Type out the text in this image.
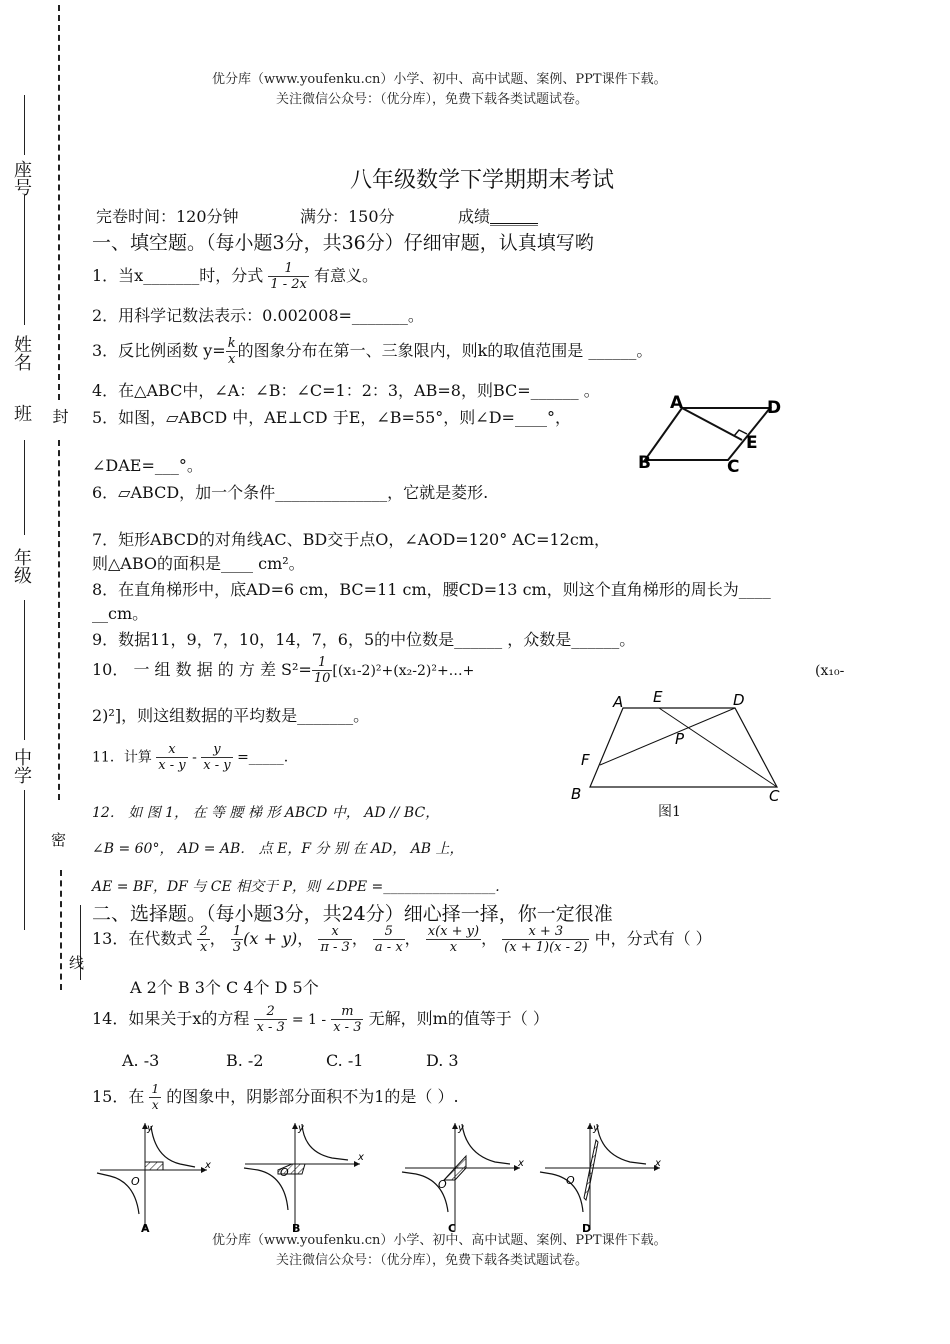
座号
姓名
班 封
年级
中学
密
线
优分库（www.youfenku.cn）小学、初中、高中试题、案例、PPT课件下载。
关注微信公众号：（优分库），免费下载各类试题试卷。
八年级数学下学期期末考试
完卷时间：120分钟	满分：150分	成绩______
一、填空题。（每小题3分，共36分）仔细审题，认真填写哟
1．当x_______时，分式 $\frac{1}{1 - 2x}$ 有意义。
2．用科学记数法表示：0.002008=_______。
3．反比例函数 $y= \frac{k}{x}$ 的图象分布在第一、三象限内，则k的取值范围是 ______。
4．在△ABC中，∠A：∠B：∠C=1：2：3，AB=8，则BC=______ 。
5．如图，▱ABCD 中，AE⊥CD 于E，∠B=55°，则∠D=____°，
∠DAE=___°。
6．▱ABCD，加一个条件______________，它就是菱形.
A	D
E
B	C
7．矩形ABCD的对角线AC、BD交于点O，∠AOD=120° AC=12cm，
则△ABO的面积是____ cm²。
8．在直角梯形中，底AD=6 cm，BC=11 cm，腰CD=13 cm，则这个直角梯形的周长为____
__cm。
9．数据11，9，7，10，14，7，6，5的中位数是______ ，众数是______。
10． 一 组 数 据 的 方 差 $S^2= \frac{1}{10}$ [(x₁-2)²+(x₂-2)²+…+	(x₁₀-
2)²]，则这组数据的平均数是_______。
11．计算 $\frac{x}{x - y} - \frac{y}{x - y}$ =_____.
A E	D
P
F
B	C
图1
12． 如 图 1， 在 等 腰 梯 形 ABCD 中， AD // BC，
∠B = 60°， AD = AB． 点 E，F 分 别 在 AD， AB 上，
AE = BF，DF 与 CE 相交于 P，则 ∠DPE =________________.
二、选择题。（每小题3分，共24分）细心择一择，你一定很准
13．在代数式 $\frac{2}{x}$ ， $\frac{1}{3} (x + y)$， $\frac{x}{\pi - 3}$ ， $\frac{5}{a - x}$ ， $\frac{x(x + y)}{x}$ ， $\frac{x + 3}{(x + 1)(x - 2)}$ 中，分式有（ ）
A 2个 B 3个 C 4个 D 5个
14．如果关于x的方程 $\frac{2}{x - 3} = 1 - \frac{m}{x - 3}$ 无解，则m的值等于（ ）
A. -3	B. -2	C. -1	D. 3
15．在 $\frac{1}{x}$ 的图象中，阴影部分面积不为1的是（ ）.
y
x
O
A
y
x
O
B
y
x
O
C
y
x
O
D
优分库（www.youfenku.cn）小学、初中、高中试题、案例、PPT课件下载。
关注微信公众号：（优分库），免费下载各类试题试卷。
